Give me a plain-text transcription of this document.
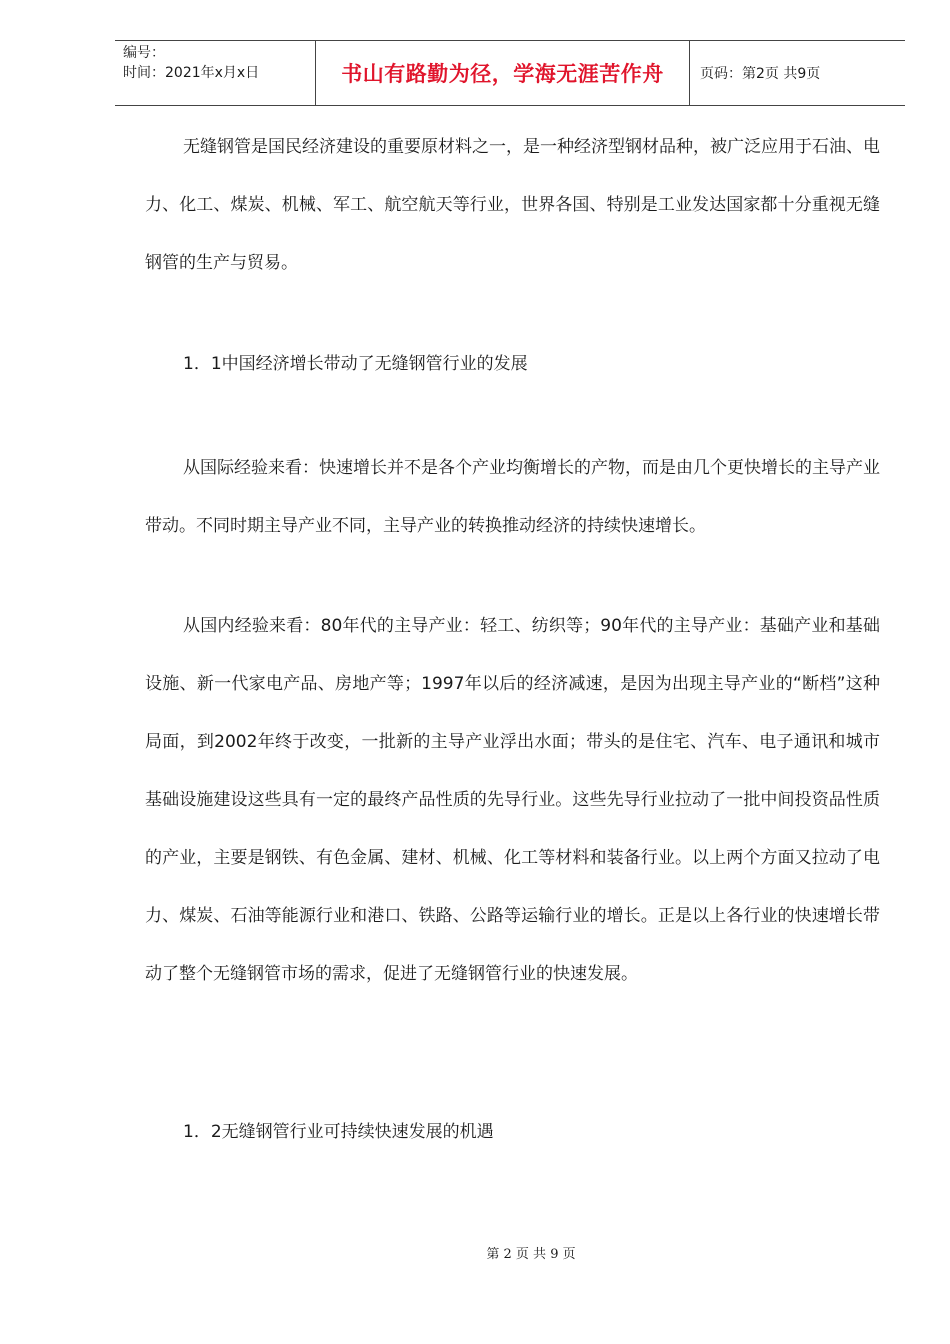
编号：
时间：2021年x月x日	书山有路勤为径，学海无涯苦作舟	页码：第2页 共9页
无缝钢管是国民经济建设的重要原材料之一，是一种经济型钢材品种，被广泛应用于石油、电力、化工、煤炭、机械、军工、航空航天等行业，世界各国、特别是工业发达国家都十分重视无缝钢管的生产与贸易。
1．1中国经济增长带动了无缝钢管行业的发展
从国际经验来看：快速增长并不是各个产业均衡增长的产物，而是由几个更快增长的主导产业带动。不同时期主导产业不同，主导产业的转换推动经济的持续快速增长。
从国内经验来看：80年代的主导产业：轻工、纺织等；90年代的主导产业：基础产业和基础设施、新一代家电产品、房地产等；1997年以后的经济减速，是因为出现主导产业的“断档”这种局面，到2002年终于改变，一批新的主导产业浮出水面；带头的是住宅、汽车、电子通讯和城市基础设施建设这些具有一定的最终产品性质的先导行业。这些先导行业拉动了一批中间投资品性质的产业，主要是钢铁、有色金属、建材、机械、化工等材料和装备行业。以上两个方面又拉动了电力、煤炭、石油等能源行业和港口、铁路、公路等运输行业的增长。正是以上各行业的快速增长带动了整个无缝钢管市场的需求，促进了无缝钢管行业的快速发展。
1．2无缝钢管行业可持续快速发展的机遇
第 2 页 共 9 页
